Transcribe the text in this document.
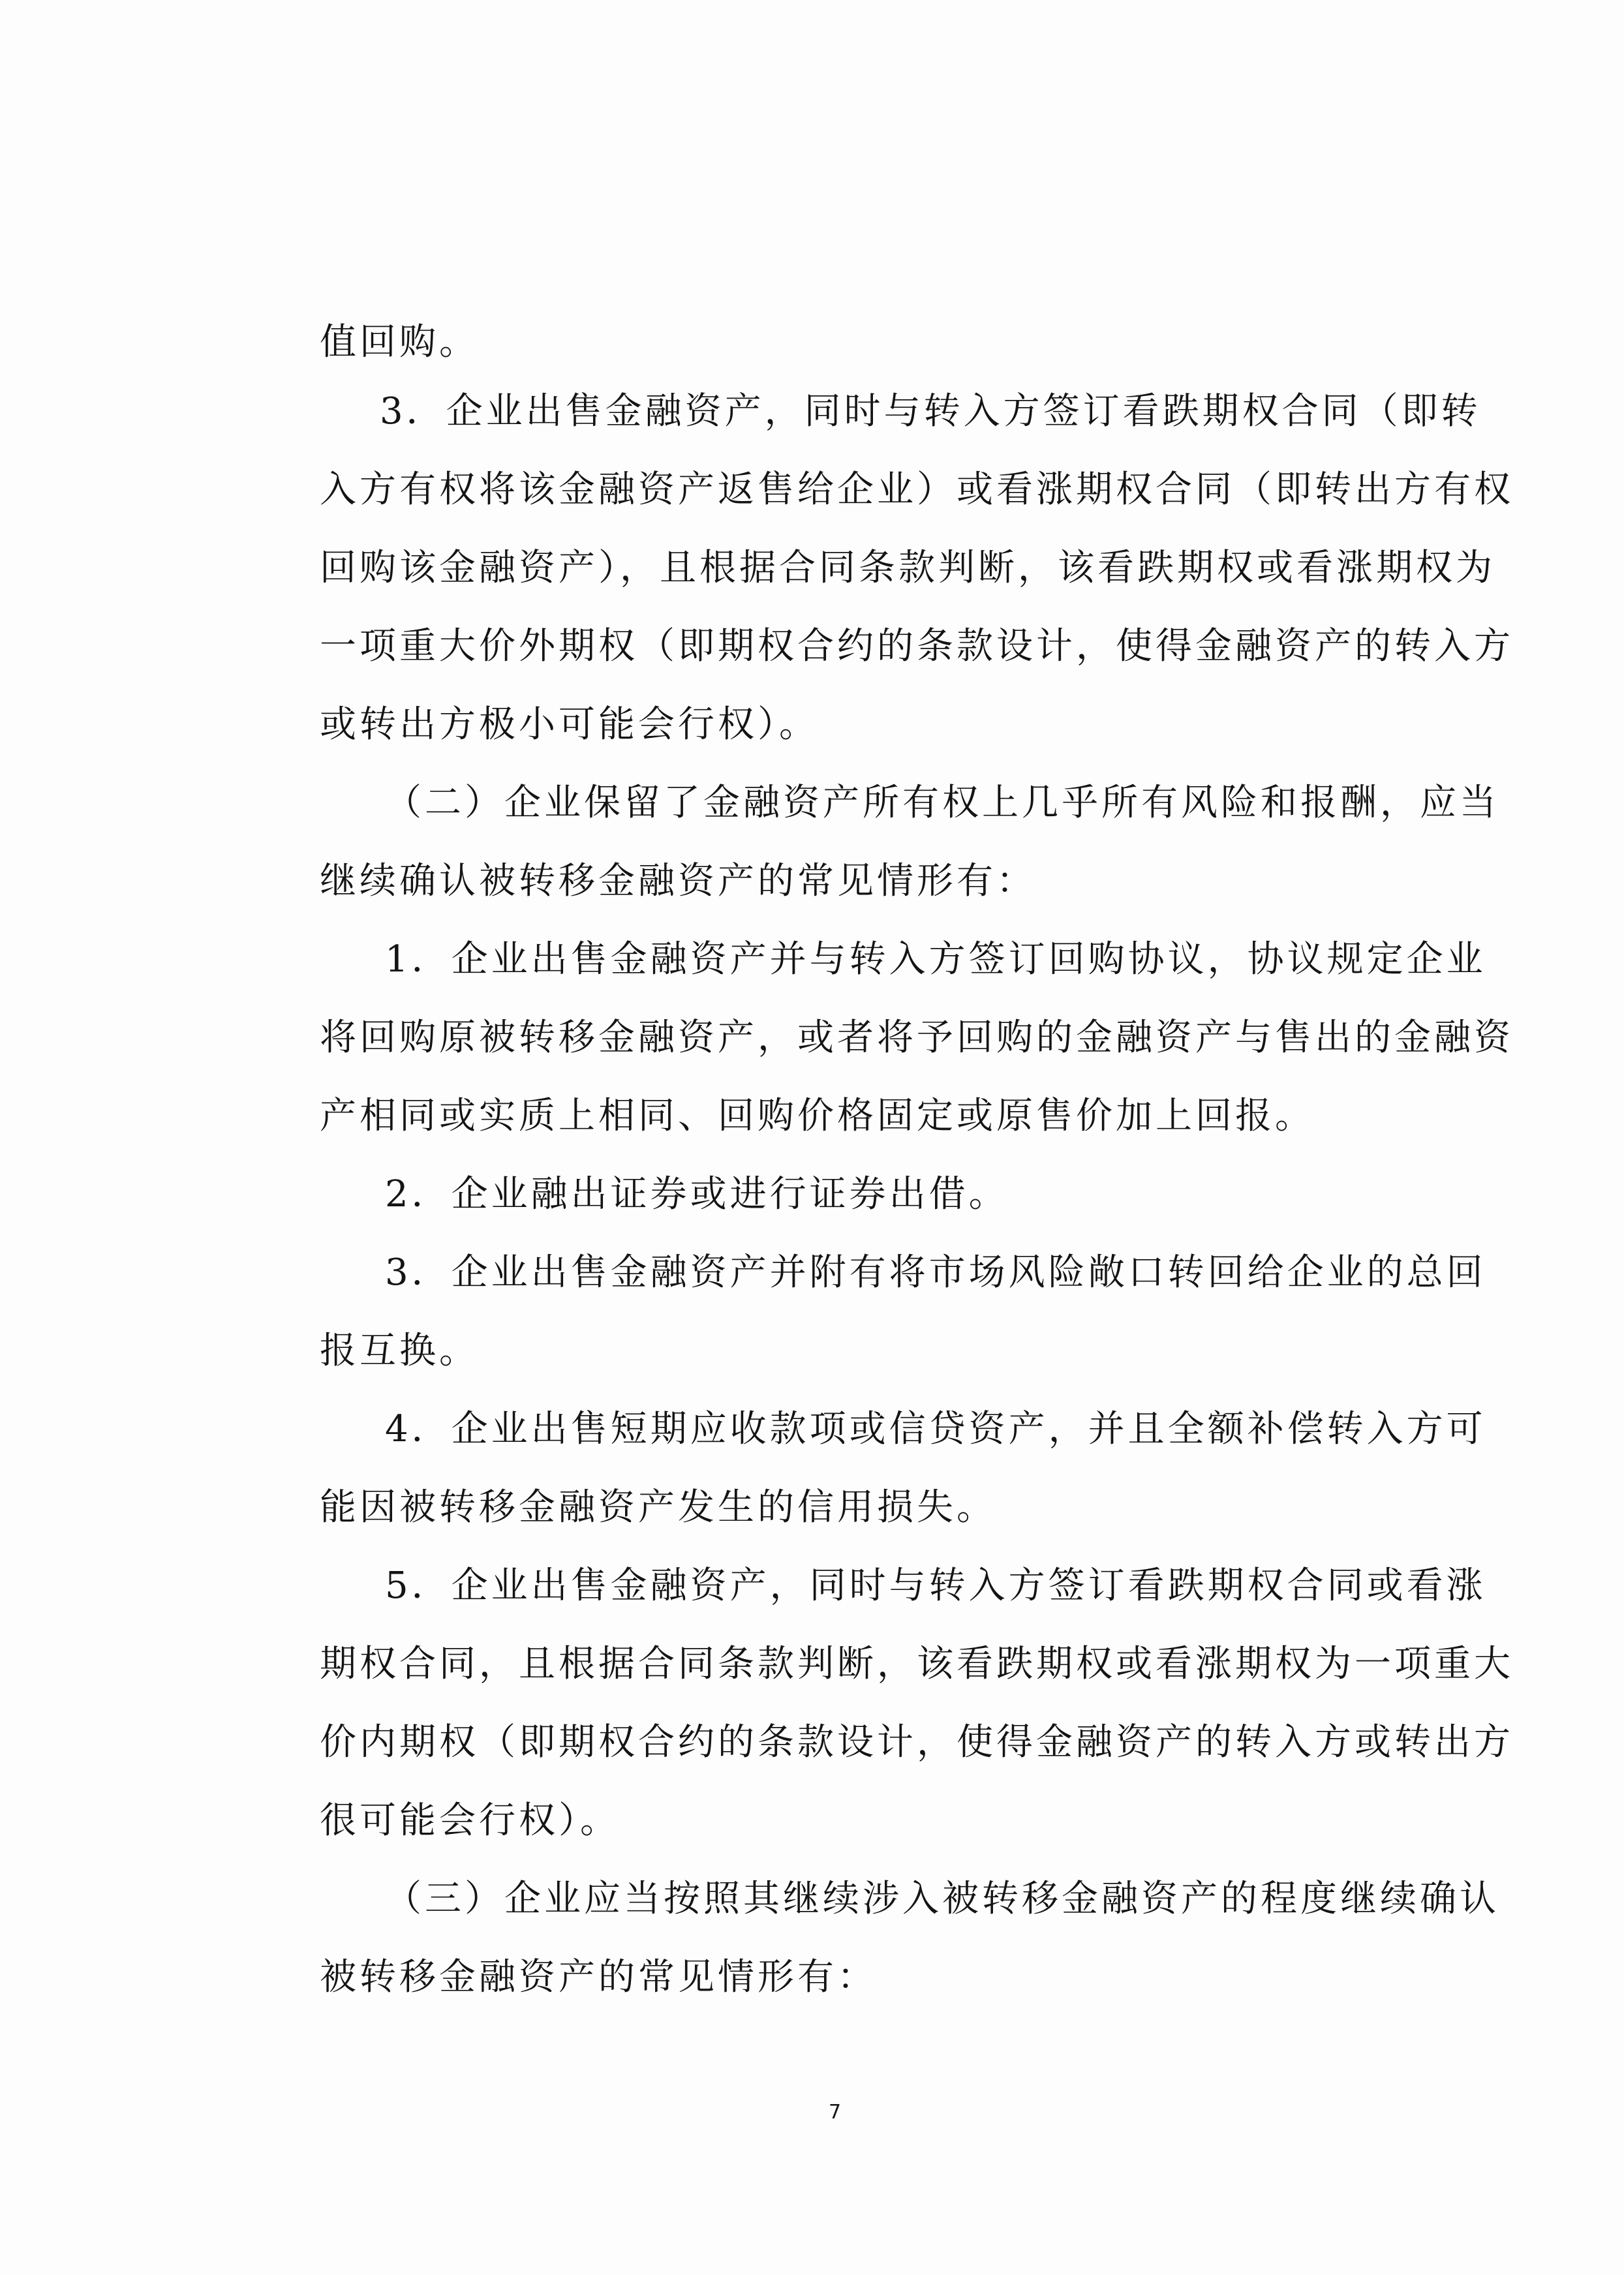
值回购。
3．企业出售金融资产，同时与转入方签订看跌期权合同（即转
入方有权将该金融资产返售给企业）或看涨期权合同（即转出方有权
回购该金融资产），且根据合同条款判断，该看跌期权或看涨期权为
一项重大价外期权（即期权合约的条款设计，使得金融资产的转入方
或转出方极小可能会行权）。
（二）企业保留了金融资产所有权上几乎所有风险和报酬，应当
继续确认被转移金融资产的常见情形有：
1．企业出售金融资产并与转入方签订回购协议，协议规定企业
将回购原被转移金融资产，或者将予回购的金融资产与售出的金融资
产相同或实质上相同、回购价格固定或原售价加上回报。
2．企业融出证券或进行证券出借。
3．企业出售金融资产并附有将市场风险敞口转回给企业的总回
报互换。
4．企业出售短期应收款项或信贷资产，并且全额补偿转入方可
能因被转移金融资产发生的信用损失。
5．企业出售金融资产，同时与转入方签订看跌期权合同或看涨
期权合同，且根据合同条款判断，该看跌期权或看涨期权为一项重大
价内期权（即期权合约的条款设计，使得金融资产的转入方或转出方
很可能会行权）。
（三）企业应当按照其继续涉入被转移金融资产的程度继续确认
被转移金融资产的常见情形有：
7
